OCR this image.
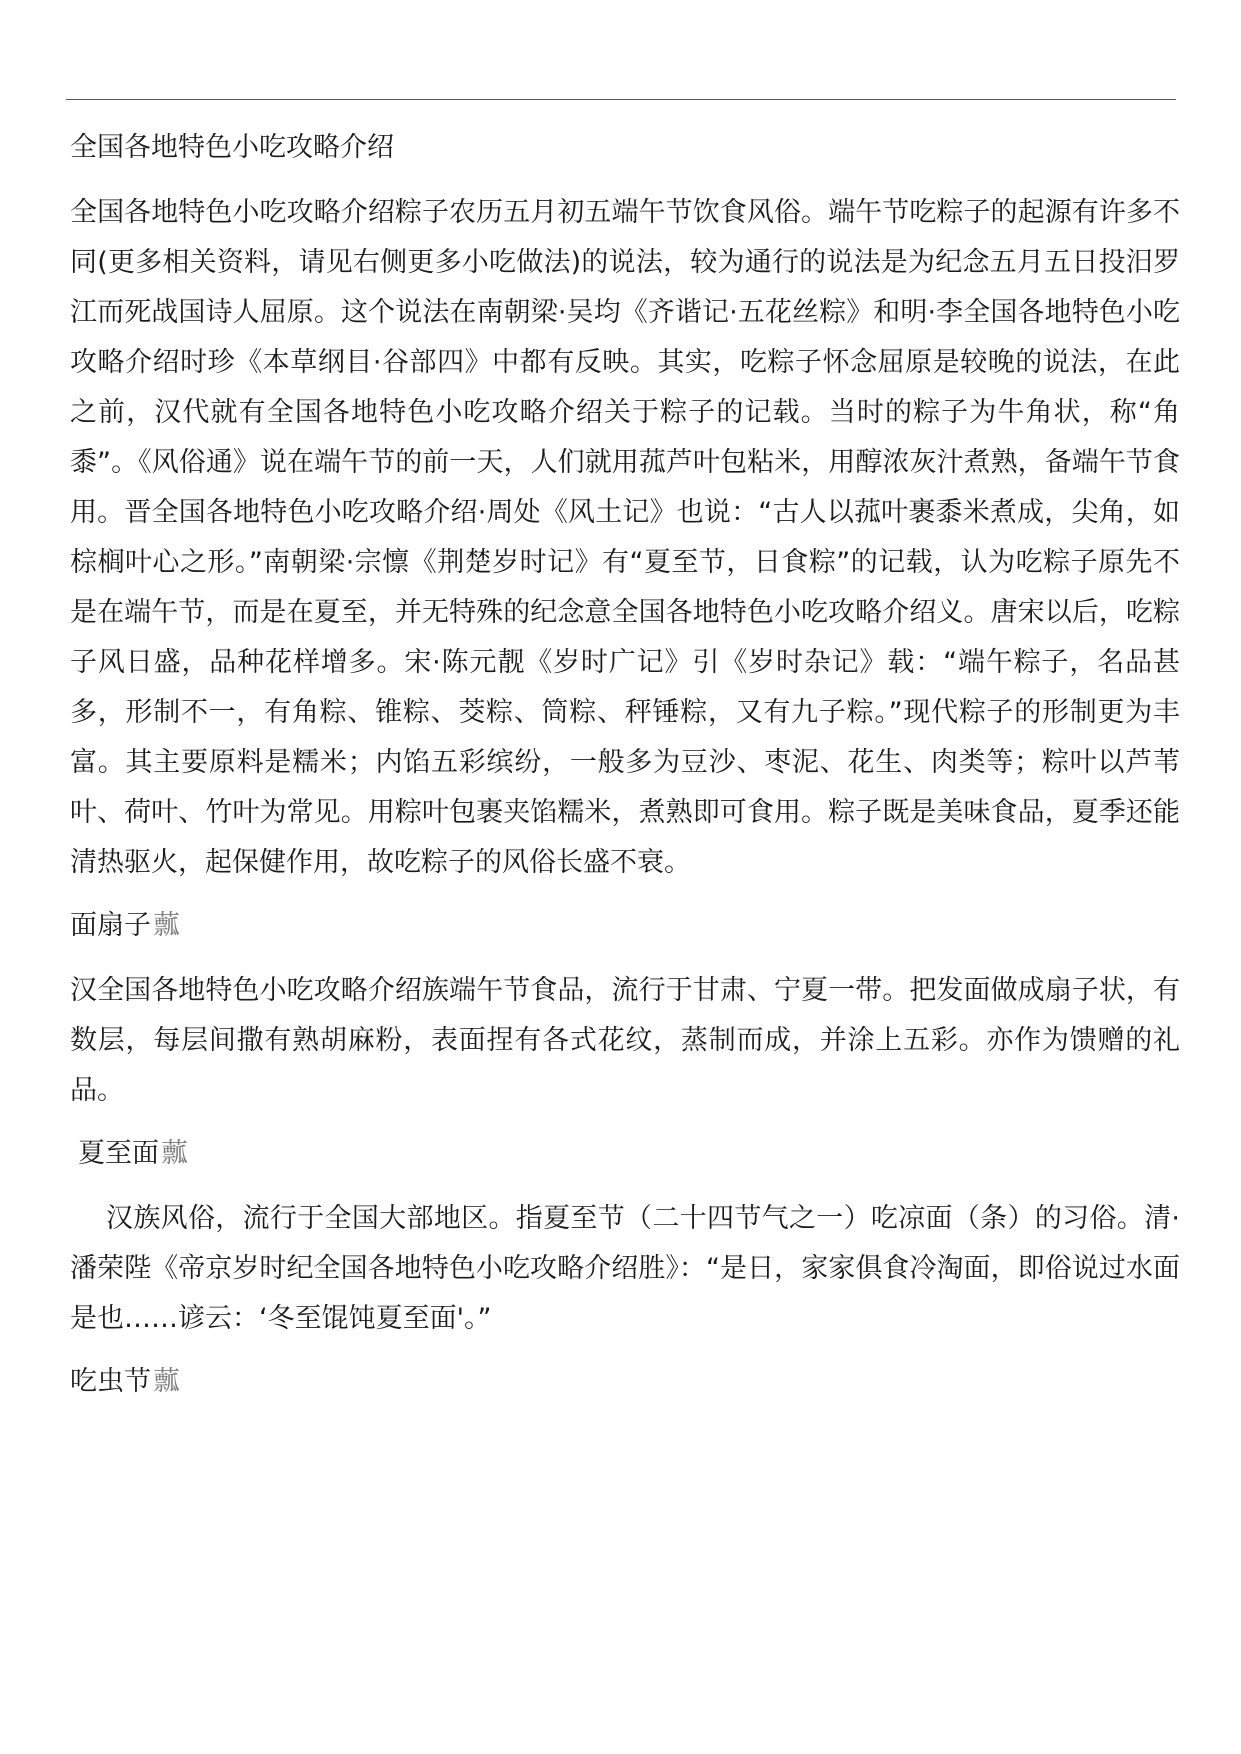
全国各地特色小吃攻略介绍

全国各地特色小吃攻略介绍粽子农历五月初五端午节饮食风俗。端午节吃粽子的起源有许多不同(更多相关资料，请见右侧更多小吃做法)的说法，较为通行的说法是为纪念五月五日投汨罗江而死战国诗人屈原。这个说法在南朝梁·吴均《齐谐记·五花丝粽》和明·李全国各地特色小吃攻略介绍时珍《本草纲目·谷部四》中都有反映。其实，吃粽子怀念屈原是较晚的说法，在此之前，汉代就有全国各地特色小吃攻略介绍关于粽子的记载。当时的粽子为牛角状，称“角黍”。《风俗通》说在端午节的前一天，人们就用菰芦叶包粘米，用醇浓灰汁煮熟，备端午节食用。晋全国各地特色小吃攻略介绍·周处《风土记》也说：“古人以菰叶裹黍米煮成，尖角，如棕榈叶心之形。”南朝梁·宗懔《荆楚岁时记》有“夏至节，日食粽”的记载，认为吃粽子原先不是在端午节，而是在夏至，并无特殊的纪念意全国各地特色小吃攻略介绍义。唐宋以后，吃粽子风日盛，品种花样增多。宋·陈元靓《岁时广记》引《岁时杂记》载：“端午粽子，名品甚多，形制不一，有角粽、锥粽、茭粽、筒粽、秤锤粽，又有九子粽。”现代粽子的形制更为丰富。其主要原料是糯米；内馅五彩缤纷，一般多为豆沙、枣泥、花生、肉类等；粽叶以芦苇叶、荷叶、竹叶为常见。用粽叶包裹夹馅糯米，煮熟即可食用。粽子既是美味食品，夏季还能清热驱火，起保健作用，故吃粽子的风俗长盛不衰。

面扇子䕯

汉全国各地特色小吃攻略介绍族端午节食品，流行于甘肃、宁夏一带。把发面做成扇子状，有数层，每层间撒有熟胡麻粉，表面捏有各式花纹，蒸制而成，并涂上五彩。亦作为馈赠的礼品。

夏至面䕯

汉族风俗，流行于全国大部地区。指夏至节（二十四节气之一）吃凉面（条）的习俗。清·潘荣陛《帝京岁时纪全国各地特色小吃攻略介绍胜》：“是日，家家俱食冷淘面，即俗说过水面是也……谚云：‘冬至馄饨夏至面'。”

吃虫节䕯
